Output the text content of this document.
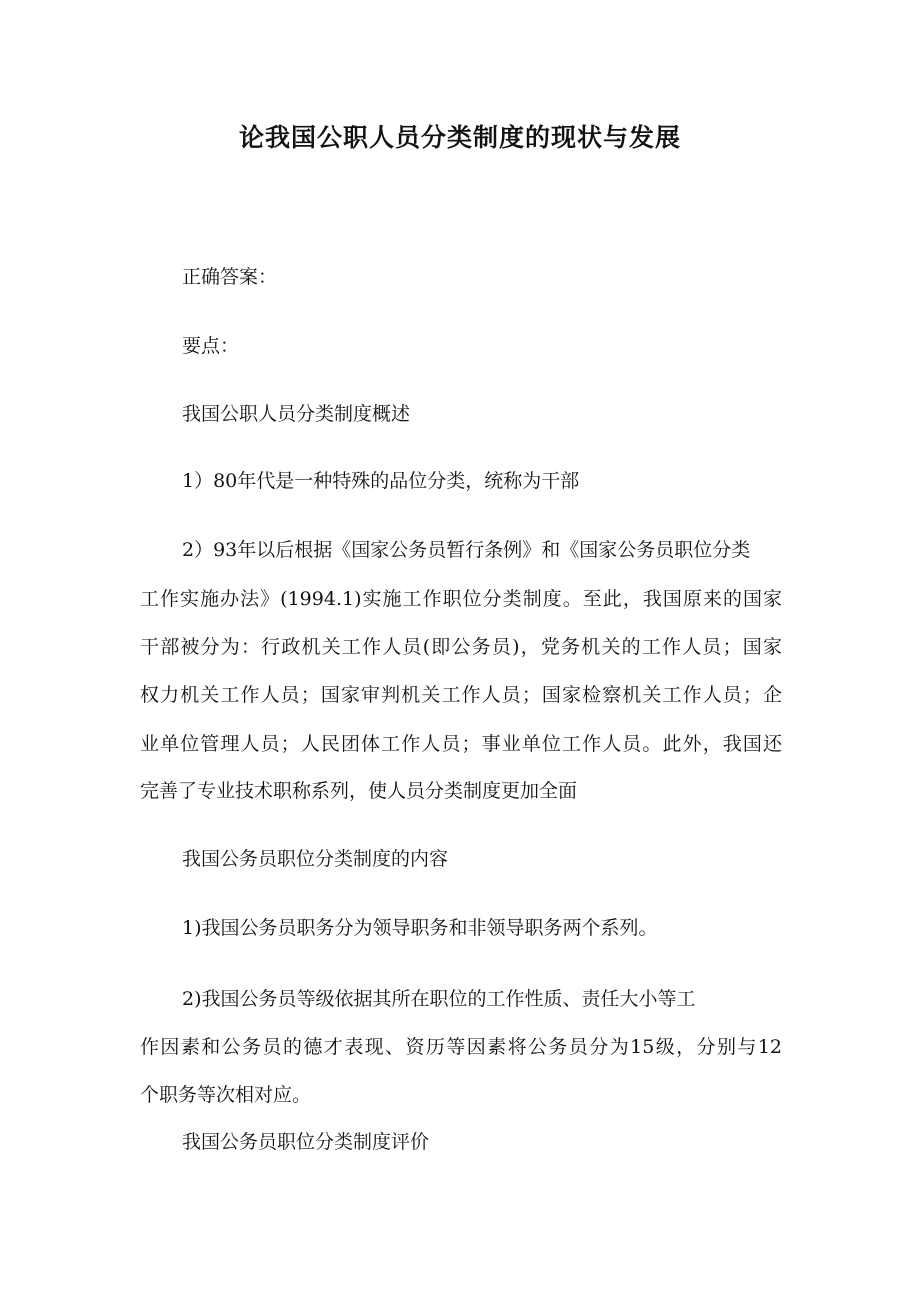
论我国公职人员分类制度的现状与发展

正确答案：

要点：

我国公职人员分类制度概述

1）80年代是一种特殊的品位分类，统称为干部

2）93年以后根据《国家公务员暂行条例》和《国家公务员职位分类

工作实施办法》(1994.1)实施工作职位分类制度。至此，我国原来的国家

干部被分为：行政机关工作人员(即公务员)，党务机关的工作人员；国家

权力机关工作人员；国家审判机关工作人员；国家检察机关工作人员；企

业单位管理人员；人民团体工作人员；事业单位工作人员。此外，我国还

完善了专业技术职称系列，使人员分类制度更加全面

我国公务员职位分类制度的内容

1)我国公务员职务分为领导职务和非领导职务两个系列。

2)我国公务员等级依据其所在职位的工作性质、责任大小等工

作因素和公务员的德才表现、资历等因素将公务员分为15级，分别与12

个职务等次相对应。

我国公务员职位分类制度评价
